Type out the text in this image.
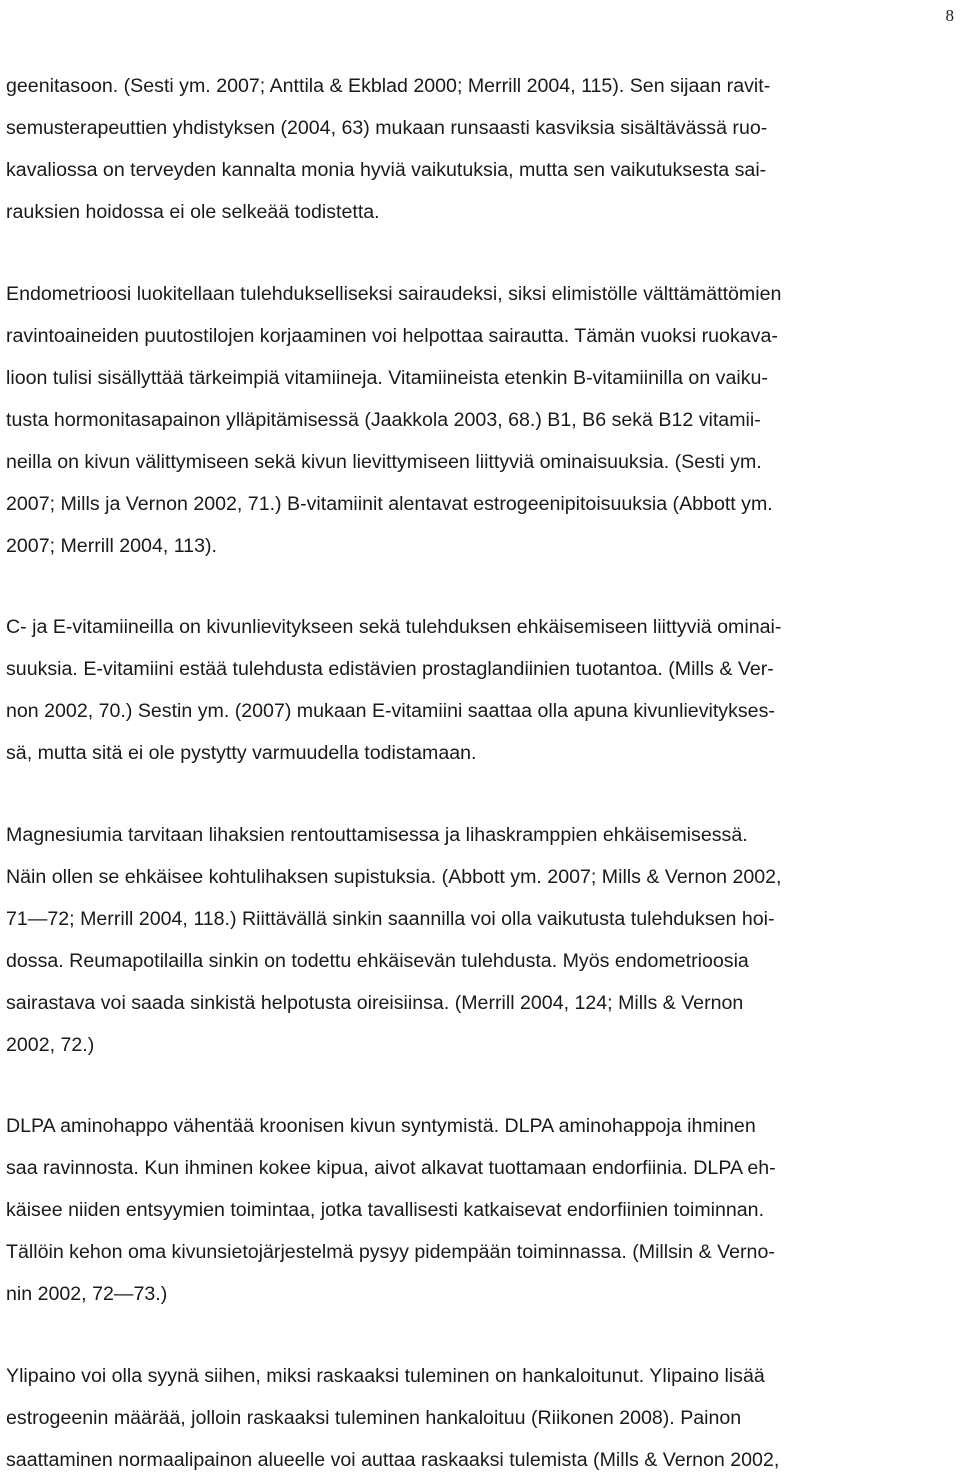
8

geenitasoon. (Sesti ym. 2007; Anttila & Ekblad 2000; Merrill 2004, 115). Sen sijaan ravit-
semusterapeuttien yhdistyksen (2004, 63) mukaan runsaasti kasviksia sisältävässä ruo-
kavaliossa on terveyden kannalta monia hyviä vaikutuksia, mutta sen vaikutuksesta sai-
rauksien hoidossa ei ole selkeää todistetta.

Endometrioosi luokitellaan tulehdukselliseksi sairaudeksi, siksi elimistölle välttämättömien
ravintoaineiden puutostilojen korjaaminen voi helpottaa sairautta. Tämän vuoksi ruokava-
lioon tulisi sisällyttää tärkeimpiä vitamiineja. Vitamiineista etenkin B-vitamiinilla on vaiku-
tusta hormonitasapainon ylläpitämisessä (Jaakkola 2003, 68.) B1, B6 sekä B12 vitamii-
neilla on kivun välittymiseen sekä kivun lievittymiseen liittyviä ominaisuuksia. (Sesti ym.
2007; Mills ja Vernon 2002, 71.) B-vitamiinit alentavat estrogeenipitoisuuksia (Abbott ym.
2007; Merrill 2004, 113).

C- ja E-vitamiineilla on kivunlievitykseen sekä tulehduksen ehkäisemiseen liittyviä ominai-
suuksia. E-vitamiini estää tulehdusta edistävien prostaglandiinien tuotantoa. (Mills & Ver-
non 2002, 70.) Sestin ym. (2007) mukaan E-vitamiini saattaa olla apuna kivunlievitykses-
sä, mutta sitä ei ole pystytty varmuudella todistamaan.

Magnesiumia tarvitaan lihaksien rentouttamisessa ja lihaskramppien ehkäisemisessä.
Näin ollen se ehkäisee kohtulihaksen supistuksia. (Abbott ym. 2007; Mills & Vernon 2002,
71—72; Merrill 2004, 118.) Riittävällä sinkin saannilla voi olla vaikutusta tulehduksen hoi-
dossa. Reumapotilailla sinkin on todettu ehkäisevän tulehdusta. Myös endometrioosia
sairastava voi saada sinkistä helpotusta oireisiinsa. (Merrill 2004, 124; Mills & Vernon
2002, 72.)

DLPA aminohappo vähentää kroonisen kivun syntymistä. DLPA aminohappoja ihminen
saa ravinnosta. Kun ihminen kokee kipua, aivot alkavat tuottamaan endorfiinia. DLPA eh-
käisee niiden entsyymien toimintaa, jotka tavallisesti katkaisevat endorfiinien toiminnan.
Tällöin kehon oma kivunsietojärjestelmä pysyy pidempään toiminnassa. (Millsin & Verno-
nin 2002, 72—73.)

Ylipaino voi olla syynä siihen, miksi raskaaksi tuleminen on hankaloitunut. Ylipaino lisää
estrogeenin määrää, jolloin raskaaksi tuleminen hankaloituu (Riikonen 2008). Painon
saattaminen normaalipainon alueelle voi auttaa raskaaksi tulemista (Mills & Vernon 2002,
